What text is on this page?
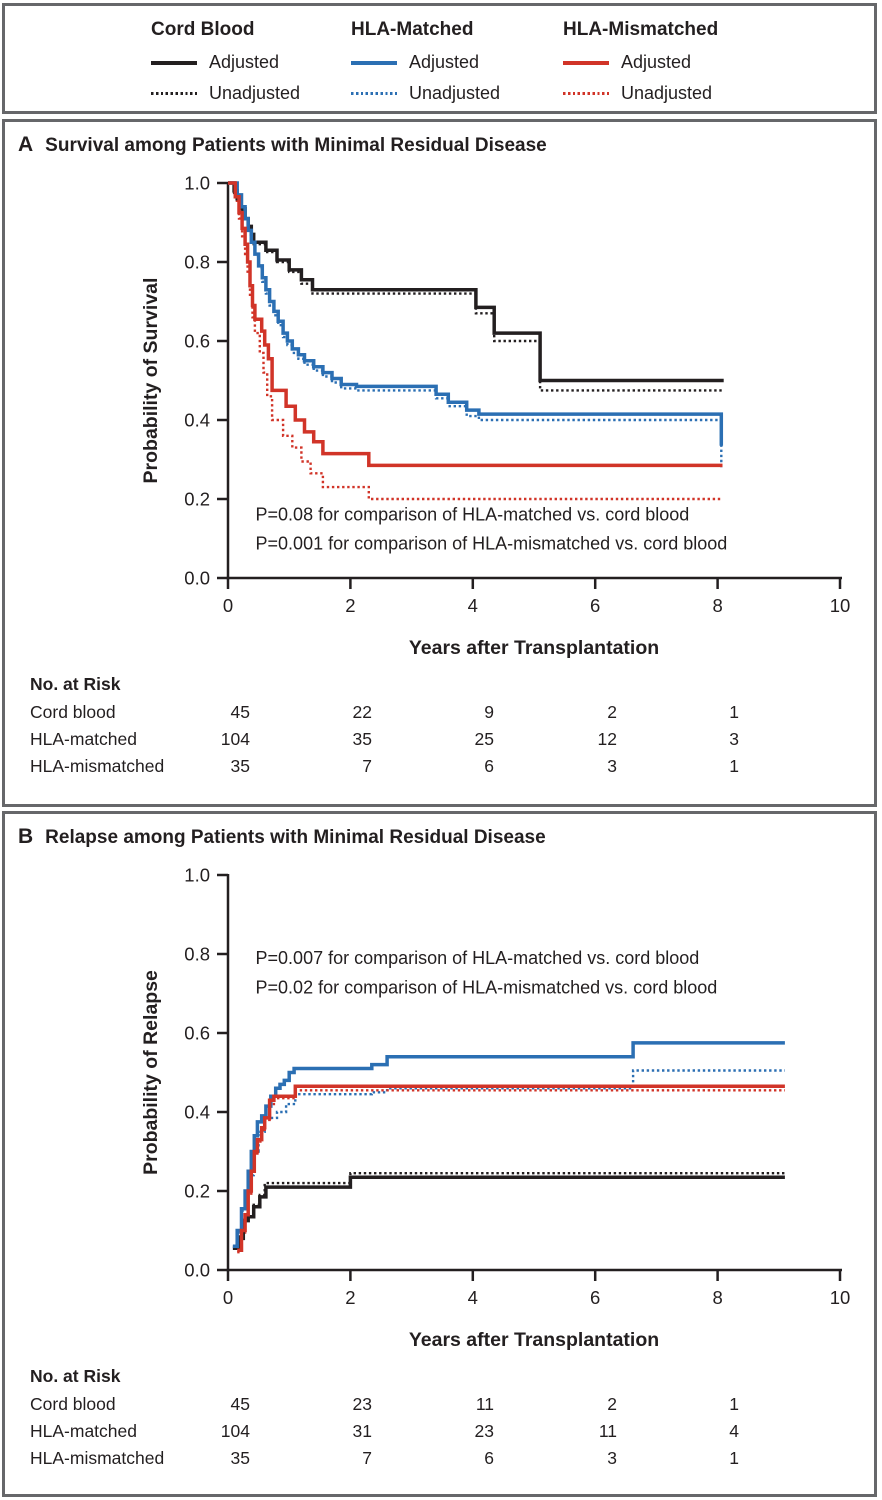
Cord Blood
Adjusted
Unadjusted
HLA-Matched
Adjusted
Unadjusted
HLA-Mismatched
Adjusted
Unadjusted
A Survival among Patients with Minimal Residual Disease
0	2	4	6	8	10
0.0
0.2
0.4
0.6
0.8
1.0
Probability of Survival
Years after Transplantation
P=0.08 for comparison of HLA-matched vs. cord blood
P=0.001 for comparison of HLA-mismatched vs. cord blood
No. at Risk
Cord blood	45	22	9	2	1
HLA-matched	104	35	25	12	3
HLA-mismatched	35	7	6	3	1
B Relapse among Patients with Minimal Residual Disease
0	2	4	6	8	10
0.0
0.2
0.4
0.6
0.8
1.0
Probability of Relapse
Years after Transplantation
P=0.007 for comparison of HLA-matched vs. cord blood
P=0.02 for comparison of HLA-mismatched vs. cord blood
No. at Risk
Cord blood	45	23	11	2	1
HLA-matched	104	31	23	11	4
HLA-mismatched	35	7	6	3	1
